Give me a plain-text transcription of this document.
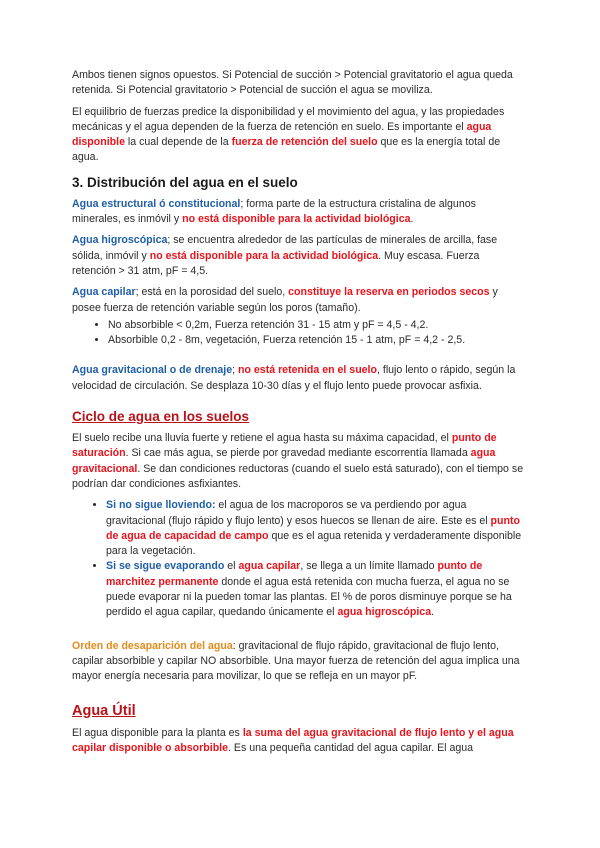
Ambos tienen signos opuestos. Si Potencial de succión > Potencial gravitatorio el agua queda retenida. Si Potencial gravitatorio > Potencial de succión el agua se moviliza.

El equilibrio de fuerzas predice la disponibilidad y el movimiento del agua, y las propiedades mecánicas y el agua dependen de la fuerza de retención en suelo. Es importante el agua disponible la cual depende de la fuerza de retención del suelo que es la energía total de agua.

3. Distribución del agua en el suelo

Agua estructural ó constitucional; forma parte de la estructura cristalina de algunos minerales, es inmóvil y no está disponible para la actividad biológica.

Agua higroscópica; se encuentra alrededor de las partículas de minerales de arcilla, fase sólida, inmóvil y no está disponible para la actividad biológica. Muy escasa. Fuerza retención > 31 atm, pF = 4,5.

Agua capilar; está en la porosidad del suelo, constituye la reserva en periodos secos y posee fuerza de retención variable según los poros (tamaño).

• No absorbible < 0,2m, Fuerza retención 31 - 15 atm y pF = 4,5 - 4,2.
• Absorbible 0,2 - 8m, vegetación, Fuerza retención 15 - 1 atm, pF = 4,2 - 2,5.

Agua gravitacional o de drenaje; no está retenida en el suelo, flujo lento o rápido, según la velocidad de circulación. Se desplaza 10-30 días y el flujo lento puede provocar asfixia.

Ciclo de agua en los suelos

El suelo recibe una lluvia fuerte y retiene el agua hasta su máxima capacidad, el punto de saturación. Si cae más agua, se pierde por gravedad mediante escorrentía llamada agua gravitacional. Se dan condiciones reductoras (cuando el suelo está saturado), con el tiempo se podrían dar condiciones asfixiantes.

• Si no sigue lloviendo: el agua de los macroporos se va perdiendo por agua gravitacional (flujo rápido y flujo lento) y esos huecos se llenan de aire. Este es el punto de agua de capacidad de campo que es el agua retenida y verdaderamente disponible para la vegetación.
• Si se sigue evaporando el agua capilar, se llega a un límite llamado punto de marchitez permanente donde el agua está retenida con mucha fuerza, el agua no se puede evaporar ni la pueden tomar las plantas. El % de poros disminuye porque se ha perdido el agua capilar, quedando únicamente el agua higroscópica.

Orden de desaparición del agua: gravitacional de flujo rápido, gravitacional de flujo lento, capilar absorbible y capilar NO absorbible. Una mayor fuerza de retención del agua implica una mayor energía necesaria para movilizar, lo que se refleja en un mayor pF.

Agua Útil

El agua disponible para la planta es la suma del agua gravitacional de flujo lento y el agua capilar disponible o absorbible. Es una pequeña cantidad del agua capilar. El agua
